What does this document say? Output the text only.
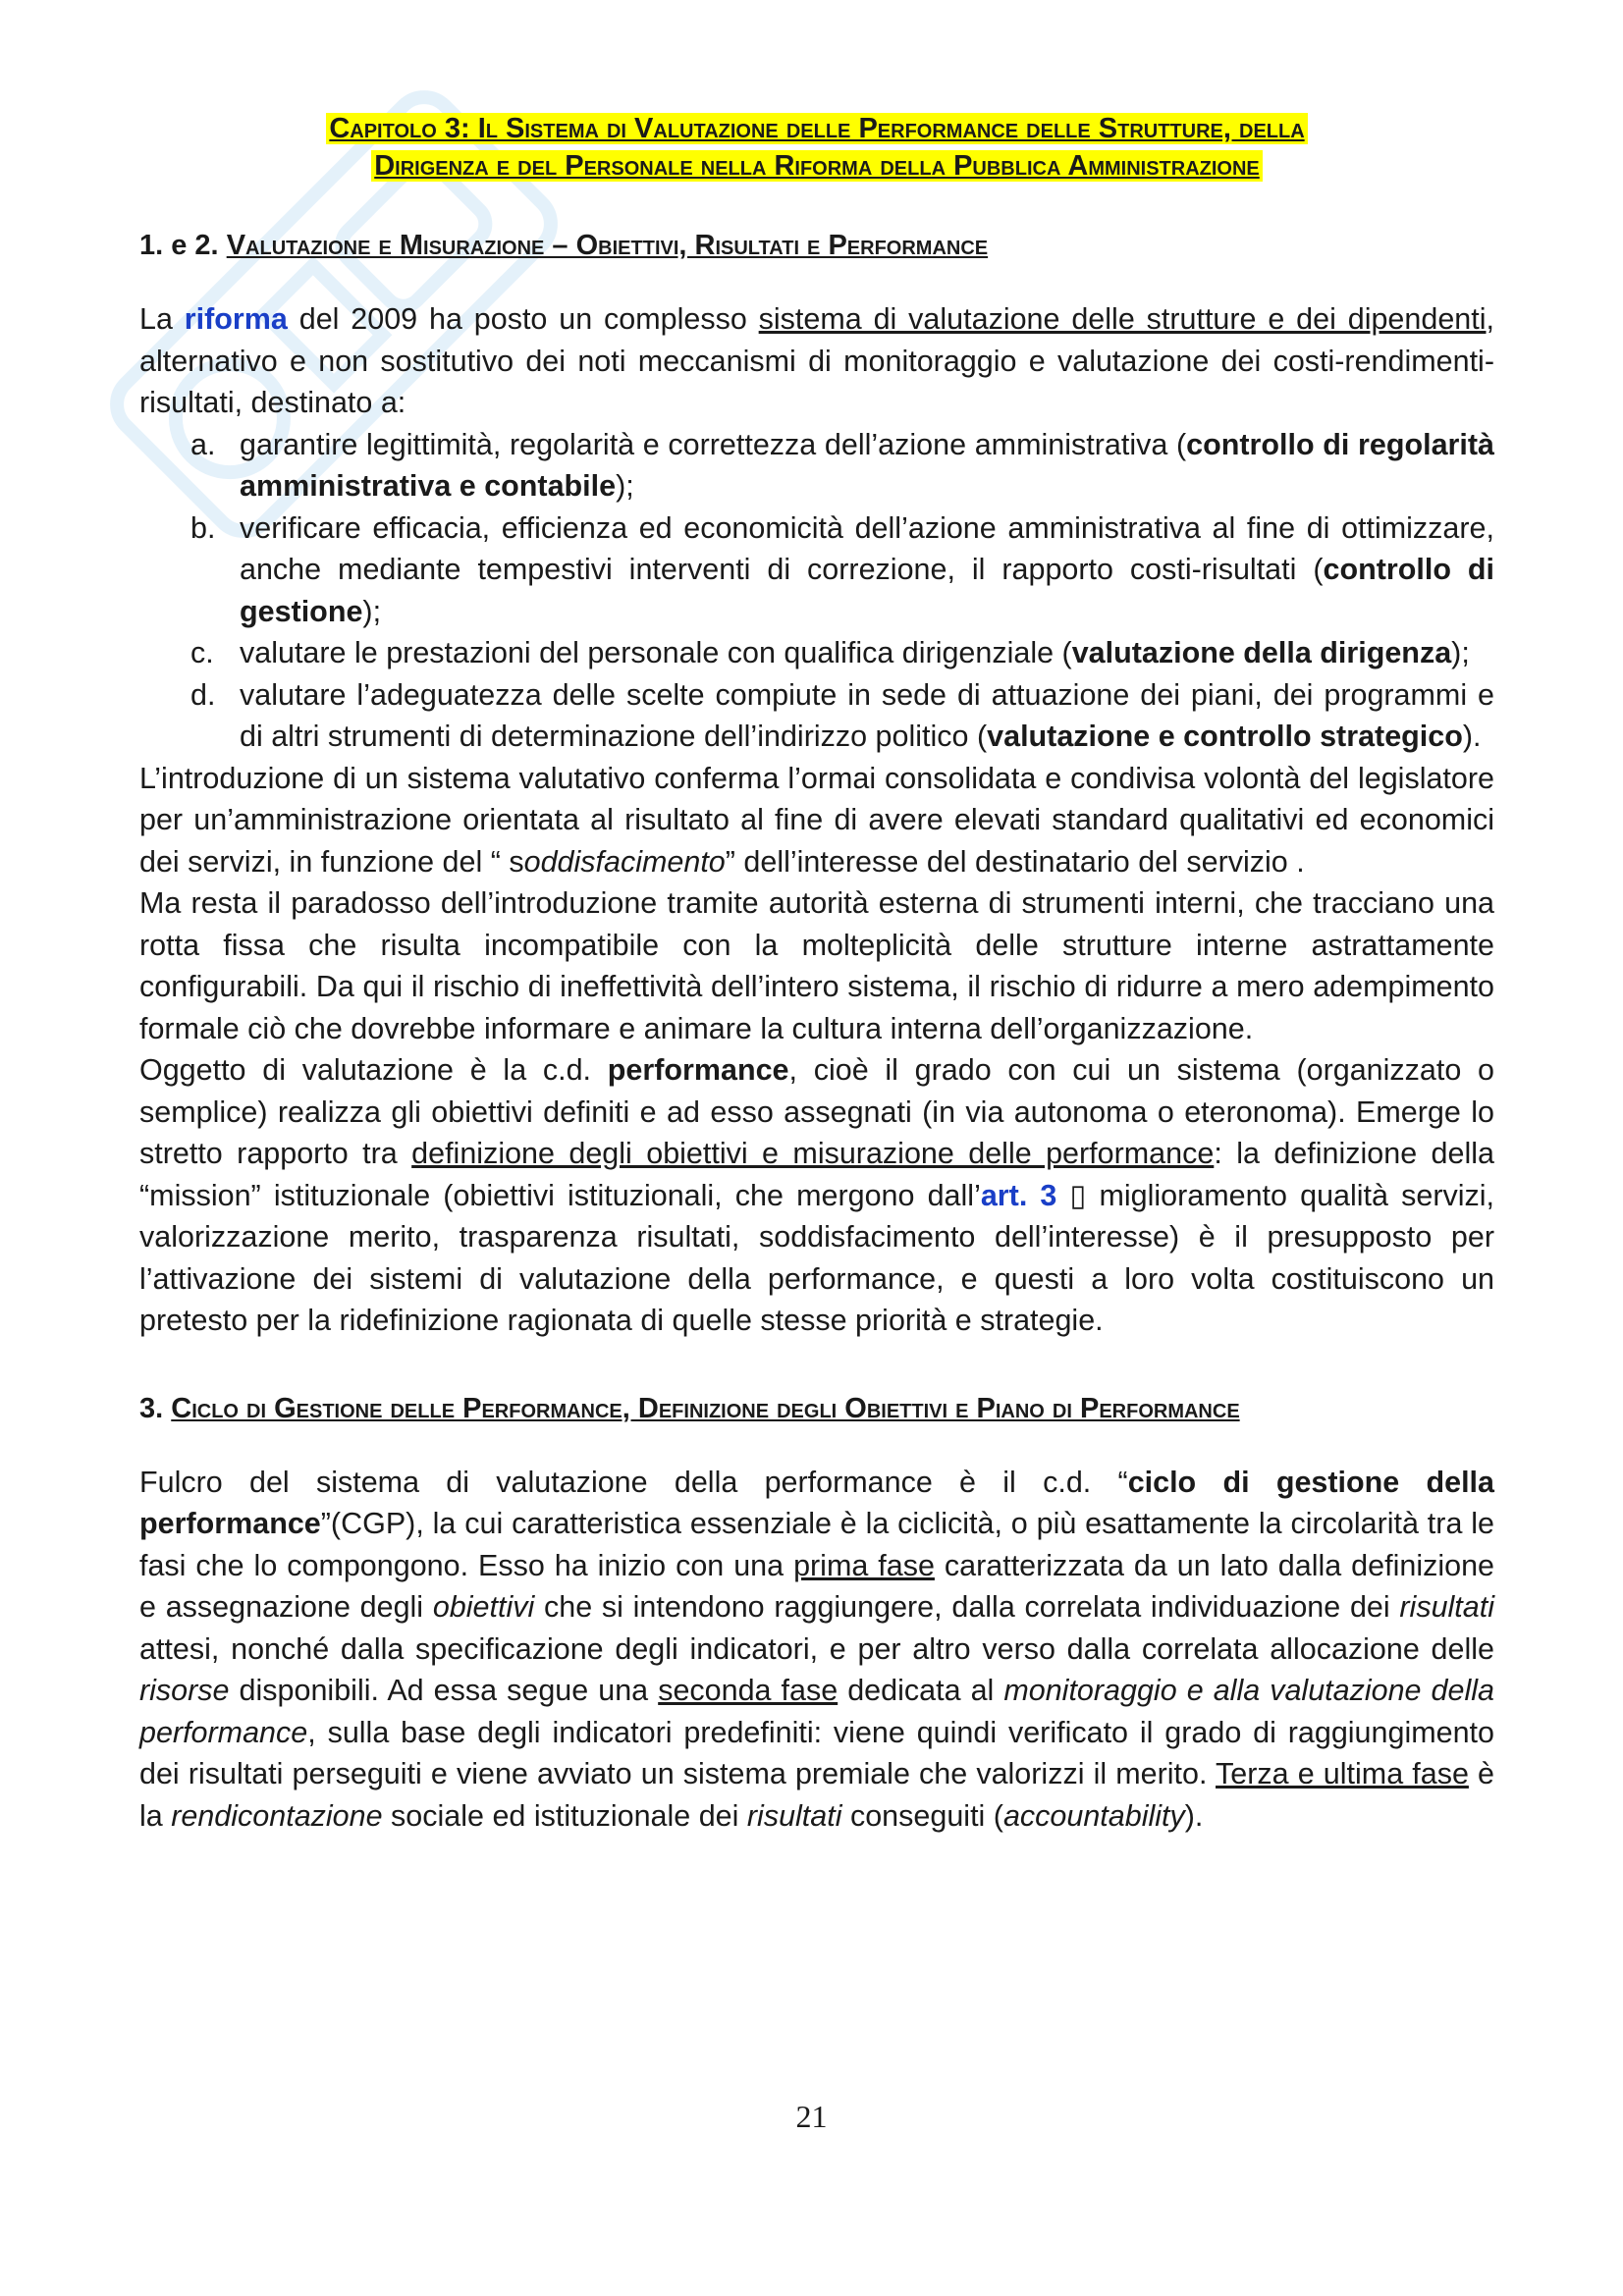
Capitolo 3: Il Sistema di Valutazione delle Performance delle Strutture, della
Dirigenza e del Personale nella Riforma della Pubblica Amministrazione
1. e 2. Valutazione e Misurazione – Obiettivi, Risultati e Performance

La riforma del 2009 ha posto un complesso sistema di valutazione delle strutture e dei dipendenti, alternativo e non sostitutivo dei noti meccanismi di monitoraggio e valutazione dei costi-rendimenti-risultati, destinato a:

a. garantire legittimità, regolarità e correttezza dell’azione amministrativa (controllo di regolarità amministrativa e contabile);
b. verificare efficacia, efficienza ed economicità dell’azione amministrativa al fine di ottimizzare, anche mediante tempestivi interventi di correzione, il rapporto costi-risultati (controllo di gestione);
c. valutare le prestazioni del personale con qualifica dirigenziale (valutazione della dirigenza);
d. valutare l’adeguatezza delle scelte compiute in sede di attuazione dei piani, dei programmi e di altri strumenti di determinazione dell’indirizzo politico (valutazione e controllo strategico).

L’introduzione di un sistema valutativo conferma l’ormai consolidata e condivisa volontà del legislatore per un’amministrazione orientata al risultato al fine di avere elevati standard qualitativi ed economici dei servizi, in funzione del “ soddisfacimento” dell’interesse del destinatario del servizio .

Ma resta il paradosso dell’introduzione tramite autorità esterna di strumenti interni, che tracciano una rotta fissa che risulta incompatibile con la molteplicità delle strutture interne astrattamente configurabili. Da qui il rischio di ineffettività dell’intero sistema, il rischio di ridurre a mero adempimento formale ciò che dovrebbe informare e animare la cultura interna dell’organizzazione.

Oggetto di valutazione è la c.d. performance, cioè il grado con cui un sistema (organizzato o semplice) realizza gli obiettivi definiti e ad esso assegnati (in via autonoma o eteronoma). Emerge lo stretto rapporto tra definizione degli obiettivi e misurazione delle performance: la definizione della “mission” istituzionale (obiettivi istituzionali, che mergono dall’art. 3 ▯ miglioramento qualità servizi, valorizzazione merito, trasparenza risultati, soddisfacimento dell’interesse) è il presupposto per l’attivazione dei sistemi di valutazione della performance, e questi a loro volta costituiscono un pretesto per la ridefinizione ragionata di quelle stesse priorità e strategie.

3. Ciclo di Gestione delle Performance, Definizione degli Obiettivi e Piano di Performance

Fulcro del sistema di valutazione della performance è il c.d. “ciclo di gestione della performance”(CGP), la cui caratteristica essenziale è la ciclicità, o più esattamente la circolarità tra le fasi che lo compongono. Esso ha inizio con una prima fase caratterizzata da un lato dalla definizione e assegnazione degli obiettivi che si intendono raggiungere, dalla correlata individuazione dei risultati attesi, nonché dalla specificazione degli indicatori, e per altro verso dalla correlata allocazione delle risorse disponibili. Ad essa segue una seconda fase dedicata al monitoraggio e alla valutazione della performance, sulla base degli indicatori predefiniti: viene quindi verificato il grado di raggiungimento dei risultati perseguiti e viene avviato un sistema premiale che valorizzi il merito. Terza e ultima fase è la rendicontazione sociale ed istituzionale dei risultati conseguiti (accountability).

21
